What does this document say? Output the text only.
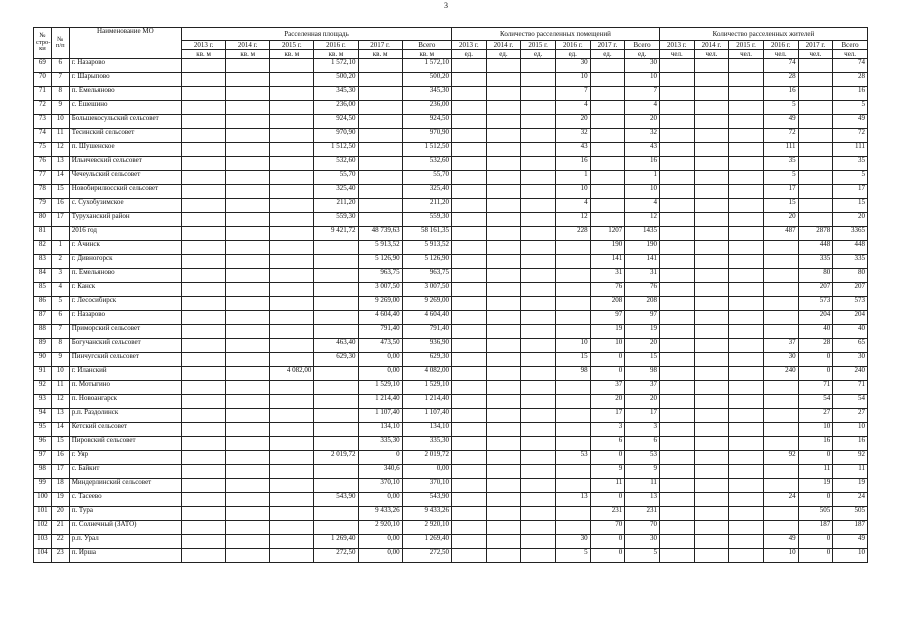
3
№ стро-ки	№ п/п	Наименование МО	Расселенная площадь						Количество расселенных помещений						Количество расселенных жителей					
			2013 г.	2014 г.	2015 г.	2016 г.	2017 г.	Всего	2013 г.	2014 г.	2015 г.	2016 г.	2017 г.	Всего	2013 г.	2014 г.	2015 г.	2016 г.	2017 г.	Всего
			кв. м	кв. м	кв. м	кв. м	кв. м	кв. м	ед.	ед.	ед.	ед.	ед.	ед.	чел.	чел.	чел.	чел.	чел.	чел.
69	6	г. Назарово				1 572,10		1 572,10				30		30				74		74
70	7	г. Шарыпово				500,20		500,20				10		10				28		28
71	8	п. Емельяново				345,30		345,30				7		7				16		16
72	9	с. Ешешино				236,00		236,00				4		4				5		5
73	10	Большекосульский сельсовет				924,50		924,50				20		20				49		49
74	11	Тесинский сельсовет				970,90		970,90				32		32				72		72
75	12	п. Шушенское				1 512,50		1 512,50				43		43				111		111
76	13	Ильичевский сельсовет				532,60		532,60				16		16				35		35
77	14	Чечеульский сельсовет				55,70		55,70				1		1				5		5
78	15	Новобирилюсский сельсовет				325,40		325,40				10		10				17		17
79	16	с. Сухобузимское				211,20		211,20				4		4				15		15
80	17	Туруханский район				559,30		559,30				12		12				20		20
81		2016 год				9 421,72	48 739,63	58 161,35				228	1207	1435				487	2878	3365
82	1	г. Ачинск					5 913,52	5 913,52					190	190					448	448
83	2	г. Дивногорск					5 126,90	5 126,90					141	141					335	335
84	3	п. Емельяново					963,75	963,75					31	31					80	80
85	4	г. Канск					3 007,50	3 007,50					76	76					207	207
86	5	г. Лесосибирск					9 269,00	9 269,00					208	208					573	573
87	6	г. Назарово					4 604,40	4 604,40					97	97					204	204
88	7	Приморский сельсовет					791,40	791,40					19	19					40	40
89	8	Богучанский сельсовет				463,40	473,50	936,90				10	10	20				37	28	65
90	9	Пинчугский сельсовет				629,30	0,00	629,30				15	0	15				30	0	30
91	10	г. Иланский			4 082,00		0,00	4 082,00				98	0	98				240	0	240
92	11	п. Мотыгино					1 529,10	1 529,10					37	37					71	71
93	12	п. Новоангарск					1 214,40	1 214,40					20	20					54	54
94	13	р.п. Раздолинск					1 107,40	1 107,40					17	17					27	27
95	14	Кетский сельсовет					134,10	134,10					3	3					10	10
96	15	Пировский сельсовет					335,30	335,30					6	6					16	16
97	16	г. Уяр				2 019,72	0	2 019,72				53	0	53				92	0	92
98	17	с. Байкит					340,6	0,00					9	9					11	11
99	18	Миндерлинский сельсовет					370,10	370,10					11	11					19	19
100	19	с. Тасеево				543,90	0,00	543,90				13	0	13				24	0	24
101	20	п. Тура					9 433,26	9 433,26					231	231					505	505
102	21	п. Солнечный (ЗАТО)					2 920,10	2 920,10					70	70					187	187
103	22	р.п. Урал				1 269,40	0,00	1 269,40				30	0	30				49	0	49
104	23	п. Ирша				272,50	0,00	272,50				5	0	5				10	0	10
